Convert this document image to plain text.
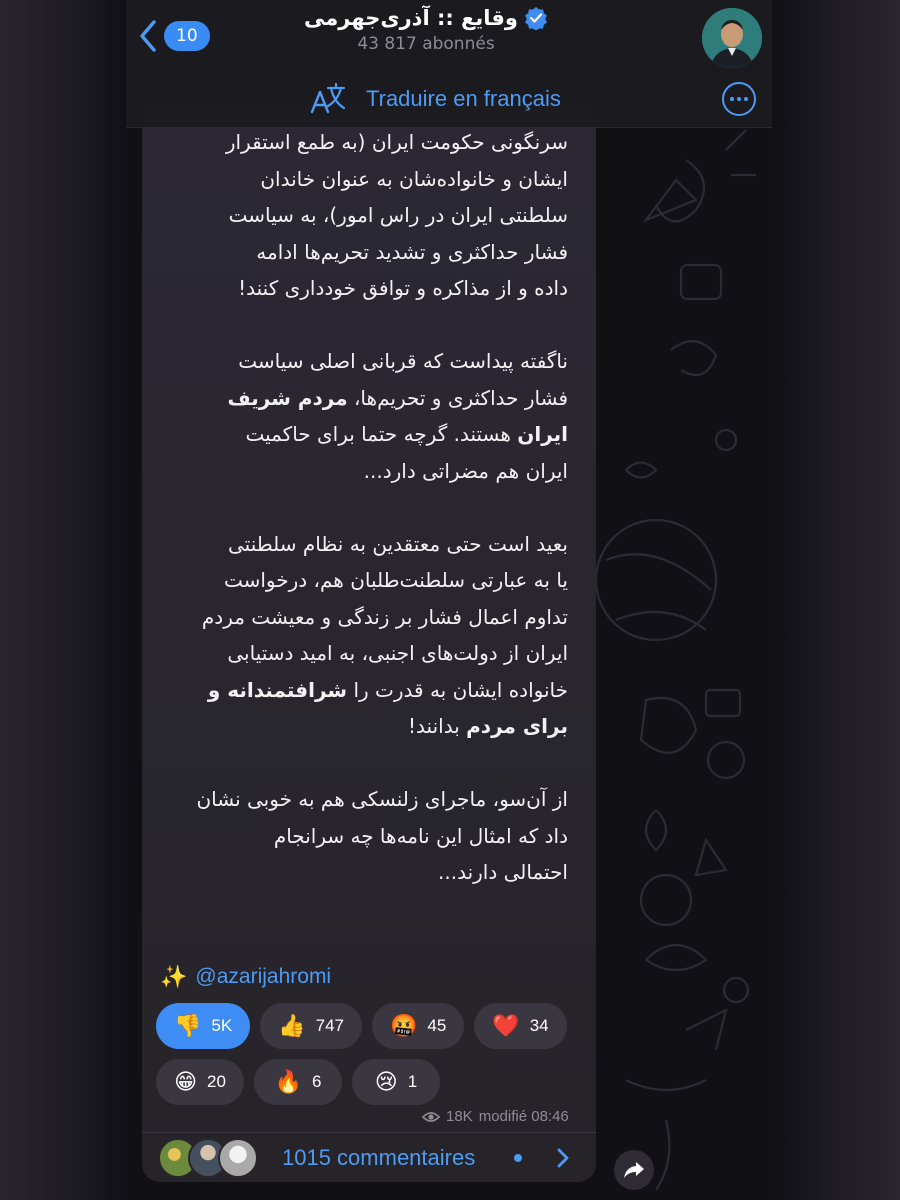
سرنگونی حکومت ایران (به طمع استقرار
ایشان و خانواده‌شان به عنوان خاندان
سلطنتی ایران در راس امور)، به سیاست
فشار حداکثری و تشدید تحریم‌ها ادامه
داده و از مذاکره و توافق خودداری کنند!

ناگفته پیداست که قربانی اصلی سیاست
فشار حداکثری و تحریم‌ها، مردم شریف
ایران هستند. گرچه حتما برای حاکمیت
ایران هم مضراتی دارد...

بعید است حتی معتقدین به نظام سلطنتی
یا به عبارتی سلطنت‌طلبان هم، درخواست
تداوم اعمال فشار بر زندگی و معیشت مردم
ایران از دولت‌های اجنبی، به امید دستیابی
خانواده ایشان به قدرت را شرافتمندانه و
برای مردم بدانند!

از آن‌سو، ماجرای زلنسکی هم به خوبی نشان
داد که امثال این نامه‌ها چه سرانجام
احتمالی دارند...

✨ @azarijahromi
👎 5K 👍 747 🤬 45 ❤️ 34
😁 20 🔥 6 😢 1
18K modifié 08:46
1015 commentaires
10
وقایع :: آذری‌جهرمی
43 817 abonnés
Traduire en français
